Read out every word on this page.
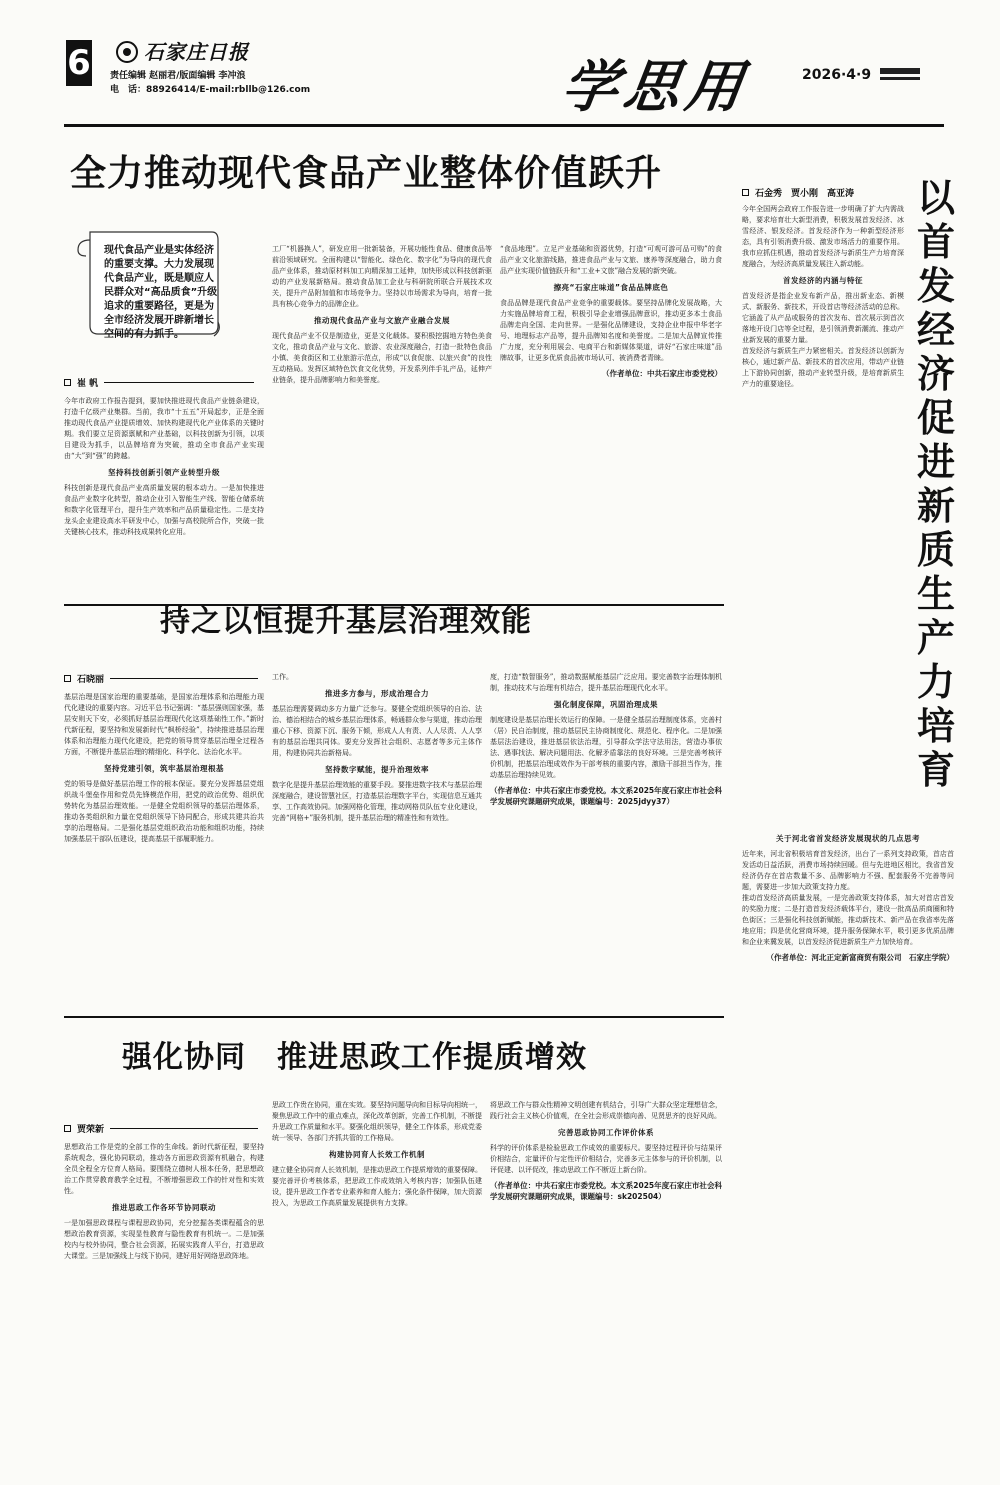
6	石家庄日报
责任编辑 赵丽君/版面编辑 李冲浪
电　话：88926414/E-mail:rbllb@126.com	学思用	2026·4·9
全力推动现代食品产业整体价值跃升
现代食品产业是实体经济的重要支撑。大力发展现代食品产业，既是顺应人民群众对“高品质食”升级追求的重要路径，更是为全市经济发展开辟新增长空间的有力抓手。
崔 帆

今年市政府工作报告提到，要加快推进现代食品产业链条建设，打造千亿级产业集群。当前，我市“十五五”开局起步，正是全面推动现代食品产业提质增效、加快构建现代化产业体系的关键时期。我们要立足资源禀赋和产业基础，以科技创新为引领，以项目建设为抓手，以品牌培育为突破，推动全市食品产业实现由“大”到“强”的跨越。

坚持科技创新引领产业转型升级

科技创新是现代食品产业高质量发展的根本动力。一是加快推进食品产业数字化转型，推动企业引入智能生产线、智能仓储系统和数字化管理平台，提升生产效率和产品质量稳定性。二是支持龙头企业建设高水平研发中心，加强与高校院所合作，突破一批关键核心技术，推动科技成果转化应用。

工厂“机器换人”，研发应用一批新装备，开展功能性食品、健康食品等前沿领域研究。全面构建以“智能化、绿色化、数字化”为导向的现代食品产业体系，推动原材料加工向精深加工延伸，加快形成以科技创新驱动的产业发展新格局。推动食品加工企业与科研院所联合开展技术攻关，提升产品附加值和市场竞争力。坚持以市场需求为导向，培育一批具有核心竞争力的品牌企业。

推动现代食品产业与文旅产业融合发展

现代食品产业不仅是制造业，更是文化载体。要积极挖掘地方特色美食文化，推动食品产业与文化、旅游、农业深度融合，打造一批特色食品小镇、美食街区和工业旅游示范点，形成“以食促旅、以旅兴食”的良性互动格局。发挥区域特色饮食文化优势，开发系列伴手礼产品，延伸产业链条，提升品牌影响力和美誉度。

“食品地理”。立足产业基础和资源优势，打造“可观可游可品可购”的食品产业文化旅游线路，推进食品产业与文旅、康养等深度融合，助力食品产业实现价值链跃升和“工业+文旅”融合发展的新突破。

擦亮“石家庄味道”食品品牌底色

食品品牌是现代食品产业竞争的重要载体。要坚持品牌化发展战略，大力实施品牌培育工程，积极引导企业增强品牌意识，推动更多本土食品品牌走向全国、走向世界。一是强化品牌建设，支持企业申报中华老字号、地理标志产品等，提升品牌知名度和美誉度。二是加大品牌宣传推广力度，充分利用展会、电商平台和新媒体渠道，讲好“石家庄味道”品牌故事，让更多优质食品被市场认可、被消费者青睐。

（作者单位：中共石家庄市委党校）
持之以恒提升基层治理效能
石晓丽

基层治理是国家治理的重要基础，是国家治理体系和治理能力现代化建设的重要内容。习近平总书记强调：“基层强则国家强，基层安则天下安，必须抓好基层治理现代化这项基础性工作。”新时代新征程，要坚持和发展新时代“枫桥经验”，持续推进基层治理体系和治理能力现代化建设，把党的领导贯穿基层治理全过程各方面，不断提升基层治理的精细化、科学化、法治化水平。

坚持党建引领，筑牢基层治理根基

党的领导是做好基层治理工作的根本保证。要充分发挥基层党组织战斗堡垒作用和党员先锋模范作用，把党的政治优势、组织优势转化为基层治理效能。一是健全党组织领导的基层治理体系，推动各类组织和力量在党组织领导下协同配合，形成共建共治共享的治理格局。二是强化基层党组织政治功能和组织功能，持续加强基层干部队伍建设，提高基层干部履职能力。

工作。

推进多方参与，形成治理合力

基层治理需要调动多方力量广泛参与。要健全党组织领导的自治、法治、德治相结合的城乡基层治理体系，畅通群众参与渠道，推动治理重心下移、资源下沉、服务下倾，形成人人有责、人人尽责、人人享有的基层治理共同体。要充分发挥社会组织、志愿者等多元主体作用，构建协同共治新格局。

坚持数字赋能，提升治理效率

数字化是提升基层治理效能的重要手段。要推进数字技术与基层治理深度融合，建设智慧社区，打造基层治理数字平台，实现信息互通共享、工作高效协同。加强网格化管理，推动网格员队伍专业化建设，完善“网格+”服务机制，提升基层治理的精准性和有效性。

度，打造“数智服务”，推动数据赋能基层广泛应用。要完善数字治理体制机制，推动技术与治理有机结合，提升基层治理现代化水平。

强化制度保障，巩固治理成果

制度建设是基层治理长效运行的保障。一是健全基层治理制度体系，完善村（居）民自治制度，推动基层民主协商制度化、规范化、程序化。二是加强基层法治建设，推进基层依法治理，引导群众学法守法用法，营造办事依法、遇事找法、解决问题用法、化解矛盾靠法的良好环境。三是完善考核评价机制，把基层治理成效作为干部考核的重要内容，激励干部担当作为，推动基层治理持续见效。

（作者单位：中共石家庄市委党校。本文系2025年度石家庄市社会科学发展研究课题研究成果，课题编号：2025jdyy37）
强化协同　推进思政工作提质增效
贾荣新

思想政治工作是党的全部工作的生命线。新时代新征程，要坚持系统观念，强化协同联动，推动各方面思政资源有机融合，构建全员全程全方位育人格局。要围绕立德树人根本任务，把思想政治工作贯穿教育教学全过程，不断增强思政工作的针对性和实效性。

推进思政工作各环节协同联动

一是加强思政课程与课程思政协同，充分挖掘各类课程蕴含的思想政治教育资源，实现显性教育与隐性教育有机统一。二是加强校内与校外协同，整合社会资源，拓展实践育人平台，打造思政大课堂。三是加强线上与线下协同，建好用好网络思政阵地。

思政工作贵在协同，重在实效。要坚持问题导向和目标导向相统一，聚焦思政工作中的重点难点，深化改革创新，完善工作机制，不断提升思政工作质量和水平。要强化组织领导，健全工作体系，形成党委统一领导、各部门齐抓共管的工作格局。

构建协同育人长效工作机制

建立健全协同育人长效机制，是推动思政工作提质增效的重要保障。要完善评价考核体系，把思政工作成效纳入考核内容；加强队伍建设，提升思政工作者专业素养和育人能力；强化条件保障，加大资源投入，为思政工作高质量发展提供有力支撑。

将思政工作与群众性精神文明创建有机结合，引导广大群众坚定理想信念，践行社会主义核心价值观，在全社会形成崇德向善、见贤思齐的良好风尚。

完善思政协同工作评价体系

科学的评价体系是检验思政工作成效的重要标尺。要坚持过程评价与结果评价相结合，定量评价与定性评价相结合，完善多元主体参与的评价机制，以评促建、以评促改，推动思政工作不断迈上新台阶。

（作者单位：中共石家庄市委党校。本文系2025年度石家庄市社会科学发展研究课题研究成果，课题编号：sk202504）
石金秀　贾小刚　高亚涛 以首发经济促进新质生产力培育

今年全国两会政府工作报告进一步明确了扩大内需战略，要求培育壮大新型消费，积极发展首发经济、冰雪经济、银发经济。首发经济作为一种新型经济形态，具有引领消费升级、激发市场活力的重要作用。我市应抓住机遇，推动首发经济与新质生产力培育深度融合，为经济高质量发展注入新动能。

首发经济的内涵与特征

首发经济是指企业发布新产品，推出新业态、新模式、新服务、新技术，开设首店等经济活动的总称。它涵盖了从产品或服务的首次发布、首次展示到首次落地开设门店等全过程，是引领消费新潮流、推动产业新发展的重要力量。

首发经济与新质生产力紧密相关。首发经济以创新为核心，通过新产品、新技术的首次应用，带动产业链上下游协同创新，推动产业转型升级，是培育新质生产力的重要途径。

关于河北省首发经济发展现状的几点思考

近年来，河北省积极培育首发经济，出台了一系列支持政策，首店首发活动日益活跃，消费市场持续回暖。但与先进地区相比，我省首发经济仍存在首店数量不多、品牌影响力不强、配套服务不完善等问题，需要进一步加大政策支持力度。

推动首发经济高质量发展，一是完善政策支持体系，加大对首店首发的奖励力度；二是打造首发经济载体平台，建设一批高品质商圈和特色街区；三是强化科技创新赋能，推动新技术、新产品在我省率先落地应用；四是优化营商环境，提升服务保障水平，吸引更多优质品牌和企业来冀发展，以首发经济促进新质生产力加快培育。

（作者单位：河北正定新富商贸有限公司　石家庄学院）
